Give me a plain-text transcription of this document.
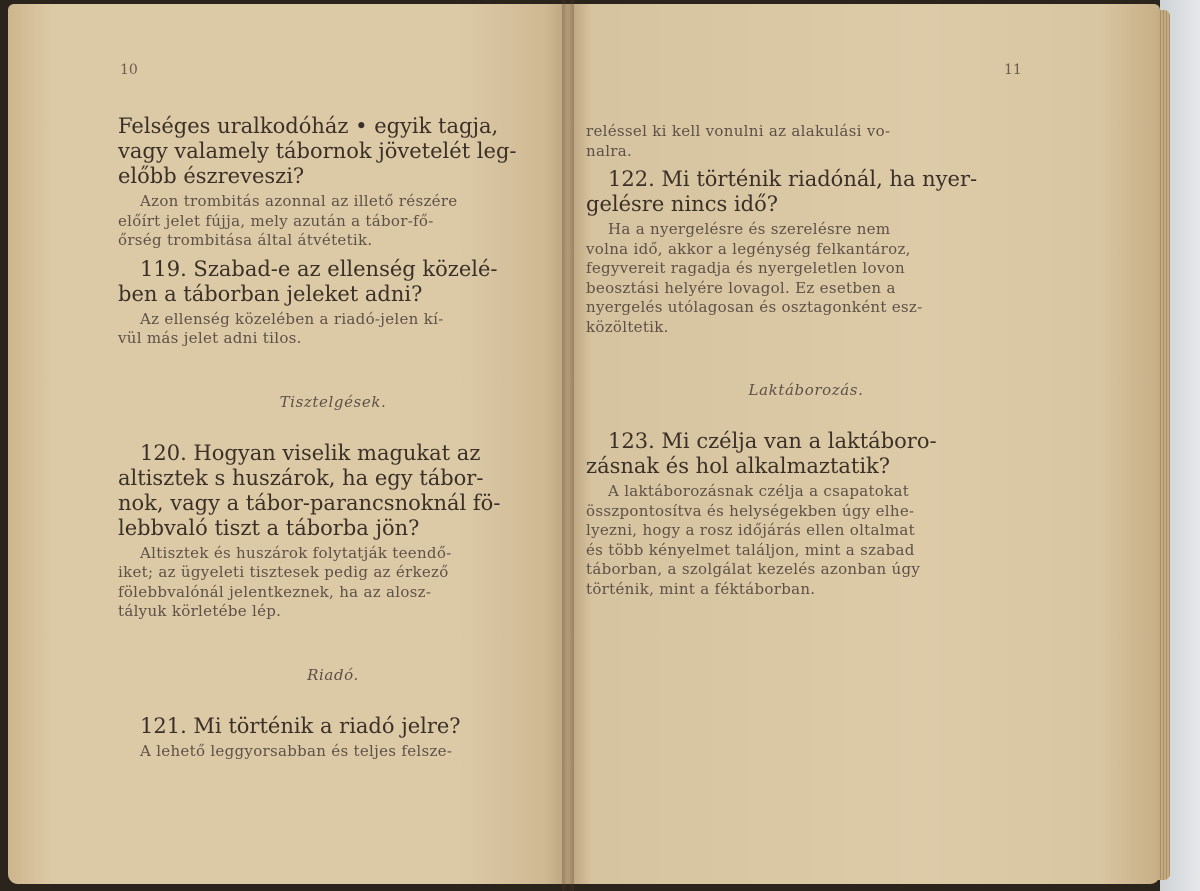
10

Felséges uralkodóház • egyik tagja,
vagy valamely tábornok jövetelét leg-
előbb észreveszi?

Azon trombitás azonnal az illető részére
előírt jelet fújja, mely azután a tábor-fő-
őrség trombitása által átvétetik.

119. Szabad-e az ellenség közelé-
ben a táborban jeleket adni?

Az ellenség közelében a riadó-jelen kí-
vül más jelet adni tilos.

Tisztelgések.

120. Hogyan viselik magukat az
altisztek s huszárok, ha egy tábor-
nok, vagy a tábor-parancsnoknál fö-
lebbvaló tiszt a táborba jön?

Altisztek és huszárok folytatják teendő-
iket; az ügyeleti tisztesek pedig az érkező
fölebbvalónál jelentkeznek, ha az alosz-
tályuk körletébe lép.

Riadó.

121. Mi történik a riadó jelre?

A lehető leggyorsabban és teljes felsze-

11

reléssel ki kell vonulni az alakulási vo-
nalra.

122. Mi történik riadónál, ha nyer-
gelésre nincs idő?

Ha a nyergelésre és szerelésre nem
volna idő, akkor a legénység felkantároz,
fegyvereit ragadja és nyergeletlen lovon
beosztási helyére lovagol. Ez esetben a
nyergelés utólagosan és osztagonként esz-
közöltetik.

Laktáborozás.

123. Mi czélja van a laktáboro-
zásnak és hol alkalmaztatik?

A laktáborozásnak czélja a csapatokat
összpontosítva és helységekben úgy elhe-
lyezni, hogy a rosz időjárás ellen oltalmat
és több kényelmet találjon, mint a szabad
táborban, a szolgálat kezelés azonban úgy
történik, mint a féktáborban.
